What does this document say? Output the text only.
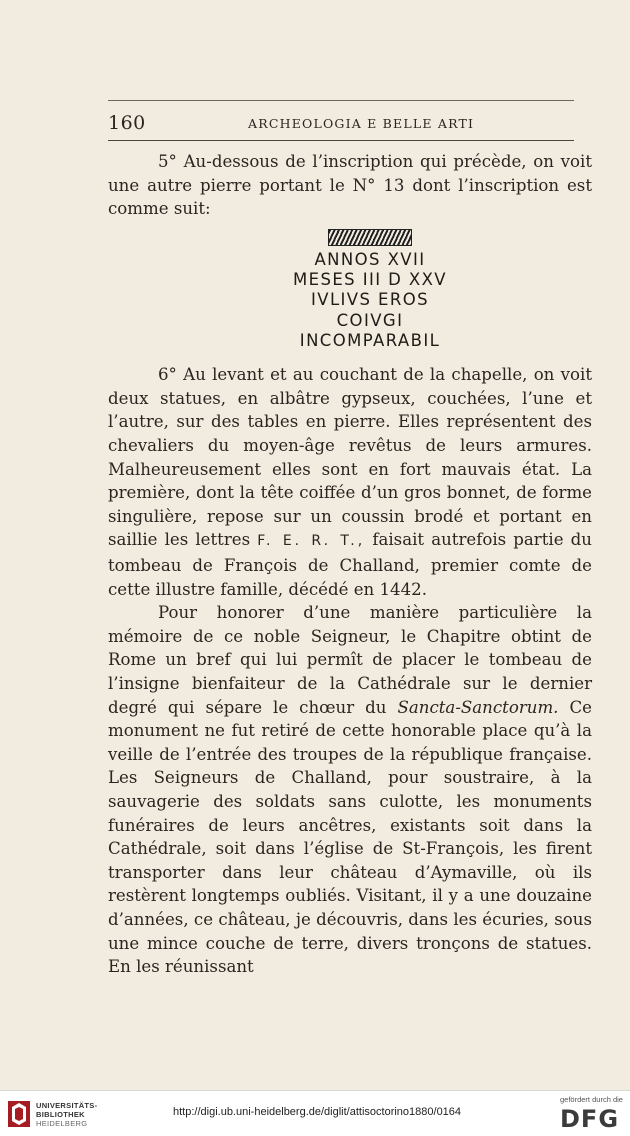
160	ARCHEOLOGIA E BELLE ARTI

5° Au-dessous de l’inscription qui précède, on voit une autre pierre portant le N° 13 dont l’inscription est comme suit:

ANNOS XVII
MESES III D XXV
IVLIVS EROS
COIVGI
INCOMPARABIL

6° Au levant et au couchant de la chapelle, on voit deux statues, en albâtre gypseux, couchées, l’une et l’autre, sur des tables en pierre. Elles représentent des chevaliers du moyen-âge revêtus de leurs armures. Malheureusement elles sont en fort mauvais état. La première, dont la tête coiffée d’un gros bonnet, de forme singulière, repose sur un coussin brodé et portant en saillie les lettres F. E. R. T., faisait autrefois partie du tombeau de François de Challand, premier comte de cette illustre famille, décédé en 1442.

Pour honorer d’une manière particulière la mémoire de ce noble Seigneur, le Chapitre obtint de Rome un bref qui lui permît de placer le tombeau de l’insigne bienfaiteur de la Cathédrale sur le dernier degré qui sépare le chœur du Sancta-Sanctorum. Ce monument ne fut retiré de cette honorable place qu’à la veille de l’entrée des troupes de la république française. Les Seigneurs de Challand, pour soustraire, à la sauvagerie des soldats sans culotte, les monuments funéraires de leurs ancêtres, existants soit dans la Cathédrale, soit dans l’église de St-François, les firent transporter dans leur château d’Aymaville, où ils restèrent longtemps oubliés. Visitant, il y a une douzaine d’années, ce château, je découvris, dans les écuries, sous une mince couche de terre, divers tronçons de statues. En les réunissant

UNIVERSITÄTS-
BIBLIOTHEK
HEIDELBERG
http://digi.ub.uni-heidelberg.de/diglit/attisoctorino1880/0164
gefördert durch die
DFG
